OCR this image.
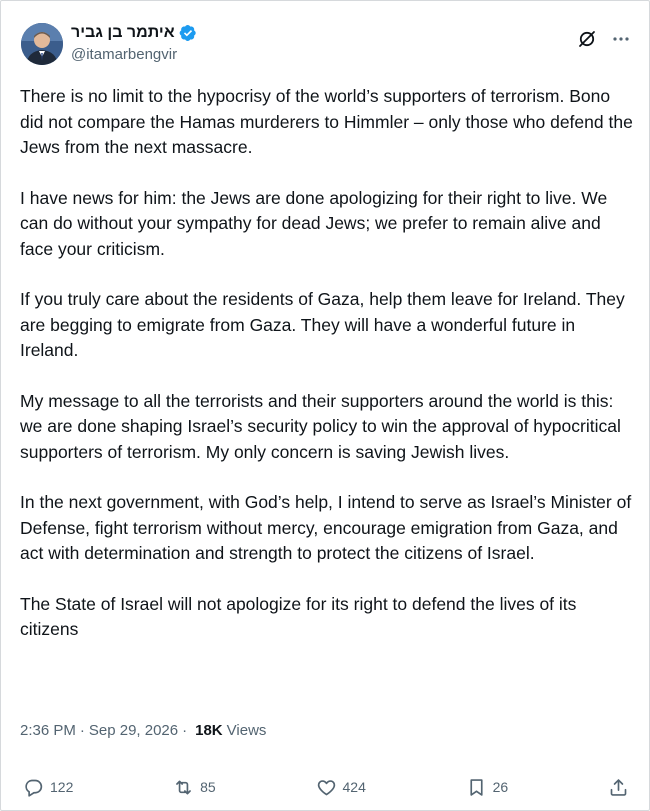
איתמר בן גביר
@itamarbengvir

There is no limit to the hypocrisy of the world’s supporters of terrorism. Bono did not compare the Hamas murderers to Himmler – only those who defend the Jews from the next massacre.

I have news for him: the Jews are done apologizing for their right to live. We can do without your sympathy for dead Jews; we prefer to remain alive and face your criticism.

If you truly care about the residents of Gaza, help them leave for Ireland. They are begging to emigrate from Gaza. They will have a wonderful future in Ireland.

My message to all the terrorists and their supporters around the world is this: we are done shaping Israel’s security policy to win the approval of hypocritical supporters of terrorism. My only concern is saving Jewish lives.

In the next government, with God’s help, I intend to serve as Israel’s Minister of Defense, fight terrorism without mercy, encourage emigration from Gaza, and act with determination and strength to protect the citizens of Israel.

The State of Israel will not apologize for its right to defend the lives of its citizens

2:36 PM · Sep 29, 2026 · 18K Views
122	85	424	26
